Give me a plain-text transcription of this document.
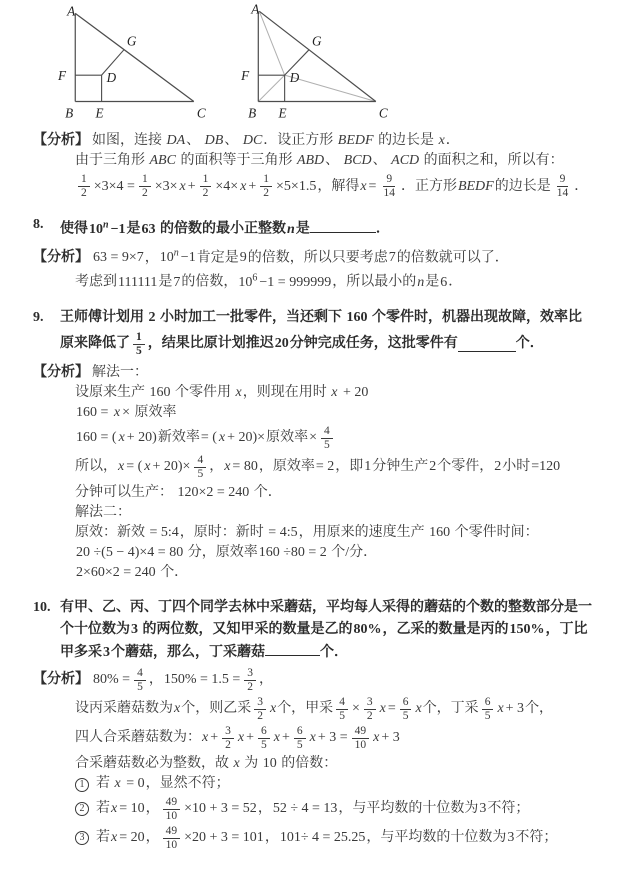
A
B	C
F	D
E
G
A
B	C
F	D
E
G
【分析】 如图，连接 DA、 DB、 DC．设正方形 BEDF 的边长是 x．
由于三角形 ABC 的面积等于三角形 ABD、 BCD、 ACD 的面积之和，所以有：
$\frac{1}{2} \times 3\times 4 = \frac{1}{2} \times 3\times x + \frac{1}{2} \times 4\times x + \frac{1}{2} \times 5\times 1.5$ ，解得 $x = \frac{9}{14}$ ．正方形 BEDF 的边长是 $\frac{9}{14}$ ．
8.	使得$10^n -1$是63 的倍数的最小正整数n是	．
【分析】 63 = 9×7，$10^n -1$肯定是9的倍数，所以只要考虑7的倍数就可以了．
考虑到111111是7的倍数，$10^6 -1 = 999999$，所以最小的n是6．
9.	王师傅计划用 2 小时加工一批零件，当还剩下 160 个零件时，机器出现故障，效率比
原来降低了 $\frac{1}{5}$ ，结果比原计划推迟 20 分钟完成任务，这批零件有	个．
【分析】 解法一：
设原来生产 160 个零件用 x，则现在用时 x + 20
160 = x × 原效率
160 = ( x + 20) 新效率 = ( x + 20)× 原效率 × $\frac{4}{5}$
所以， x = ( $x + 20)\times \frac{4}{5}$ ， x = 80 ，原效率 = 2 ，即 1 分钟生产 2 个零件， 2 小时 =120
分钟可以生产： 120×2 = 240 个．
解法二：
原效：新效 = 5:4，原时：新时 = 4:5，用原来的速度生产 160 个零件时间：
20 ÷(5 − 4)×4 = 80 分，原效率160 ÷80 = 2 个/分．
2×60×2 = 240 个．
10. 有甲、乙、丙、丁四个同学去林中采蘑菇，平均每人采得的蘑菇的个数的整数部分是一
个十位数为3 的两位数，又知甲采的数量是乙的80%，乙采的数量是丙的150%，丁比
甲多采3个蘑菇，那么，丁采蘑菇	个．
【分析】 $80\% = \frac{4}{5}$ ， $150\% = 1.5 = \frac{3}{2}$ ，
设丙采蘑菇数为 x 个，则乙采 $\frac{3}{2}$ x 个，甲采 $\frac{4}{5} \times \frac{3}{2}$ $x = \frac{6}{5}$ x 个，丁采 $\frac{6}{5}$ x + 3 个，
四人合采蘑菇数为： $x + \frac{3}{2}$ $x + \frac{6}{5}$ $x + \frac{6}{5}$ $x + 3 = \frac{49}{10}$ x + 3
合采蘑菇数必为整数，故 x 为 10 的倍数：
1 若 x = 0，显然不符；
2 若 x = 10 ， $\frac{49}{10} \times 10 + 3 = 52$ ， 52 ÷ 4 = 13 ，与平均数的十位数为 3 不符；
3 若 x = 20 ， $\frac{49}{10} \times 20 + 3 = 101$ ， 101÷ 4 = 25.25 ，与平均数的十位数为 3 不符；
